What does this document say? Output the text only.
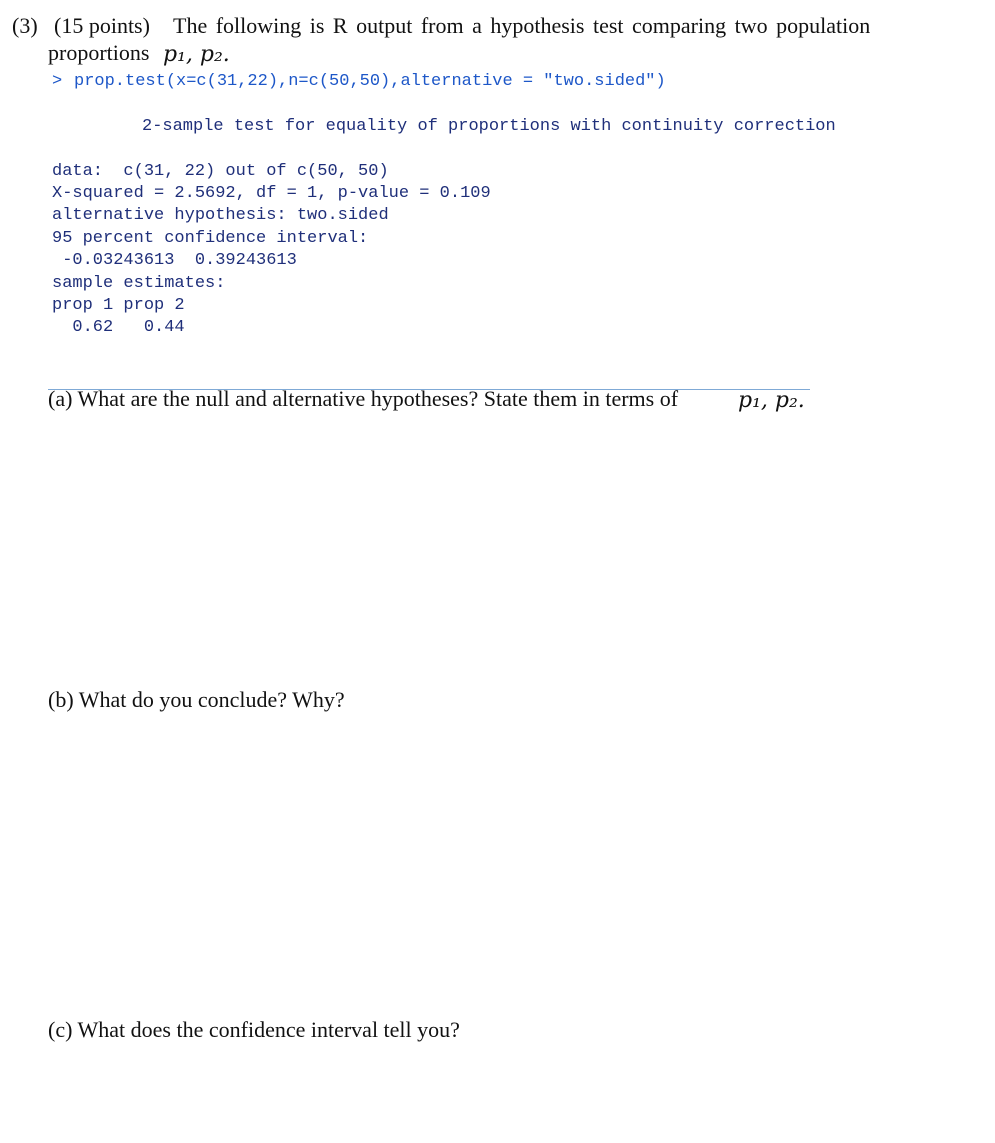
(3) (15 points) The following is R output from a hypothesis test comparing two population
proportions p₁, p₂.
> prop.test(x=c(31,22),n=c(50,50),alternative = "two.sided")
2-sample test for equality of proportions with continuity correction
data:  c(31, 22) out of c(50, 50)
X-squared = 2.5692, df = 1, p-value = 0.109
alternative hypothesis: two.sided
95 percent confidence interval:
-0.03243613  0.39243613
sample estimates:
prop 1 prop 2
0.62   0.44
(a) What are the null and alternative hypotheses? State them in terms of	p₁, p₂.
(b) What do you conclude? Why?
(c) What does the confidence interval tell you?
